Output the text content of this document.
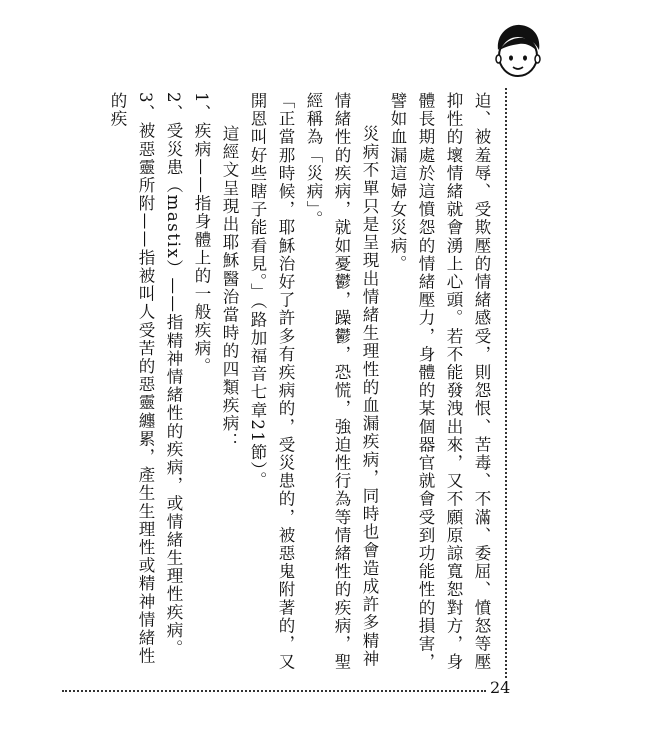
迫、被羞辱、受欺壓的情緒感受，則怨恨、苦毒、不滿、委屈、憤怒等壓抑性的壞情緒就會湧上心頭。若不能發洩出來，又不願原諒寬恕對方，身體長期處於這憤怨的情緒壓力，身體的某個器官就會受到功能性的損害，譬如血漏這婦女災病。

災病不單只是呈現出情緒生理性的血漏疾病，同時也會造成許多精神情緒性的疾病，就如憂鬱，躁鬱，恐慌，強迫性行為等情緒性的疾病，聖經稱為「災病」。

「正當那時候，耶穌治好了許多有疾病的，受災患的，被惡鬼附著的，又開恩叫好些瞎子能看見。」（路加福音七章21節）。

這經文呈現出耶穌醫治當時的四類疾病：

1、疾病——指身體上的一般疾病。

2、受災患（mastix）——指精神情緒性的疾病，或情緒生理性疾病。

3、被惡靈所附——指被叫人受苦的惡靈纏累，產生生理性或精神情緒性的疾

24
